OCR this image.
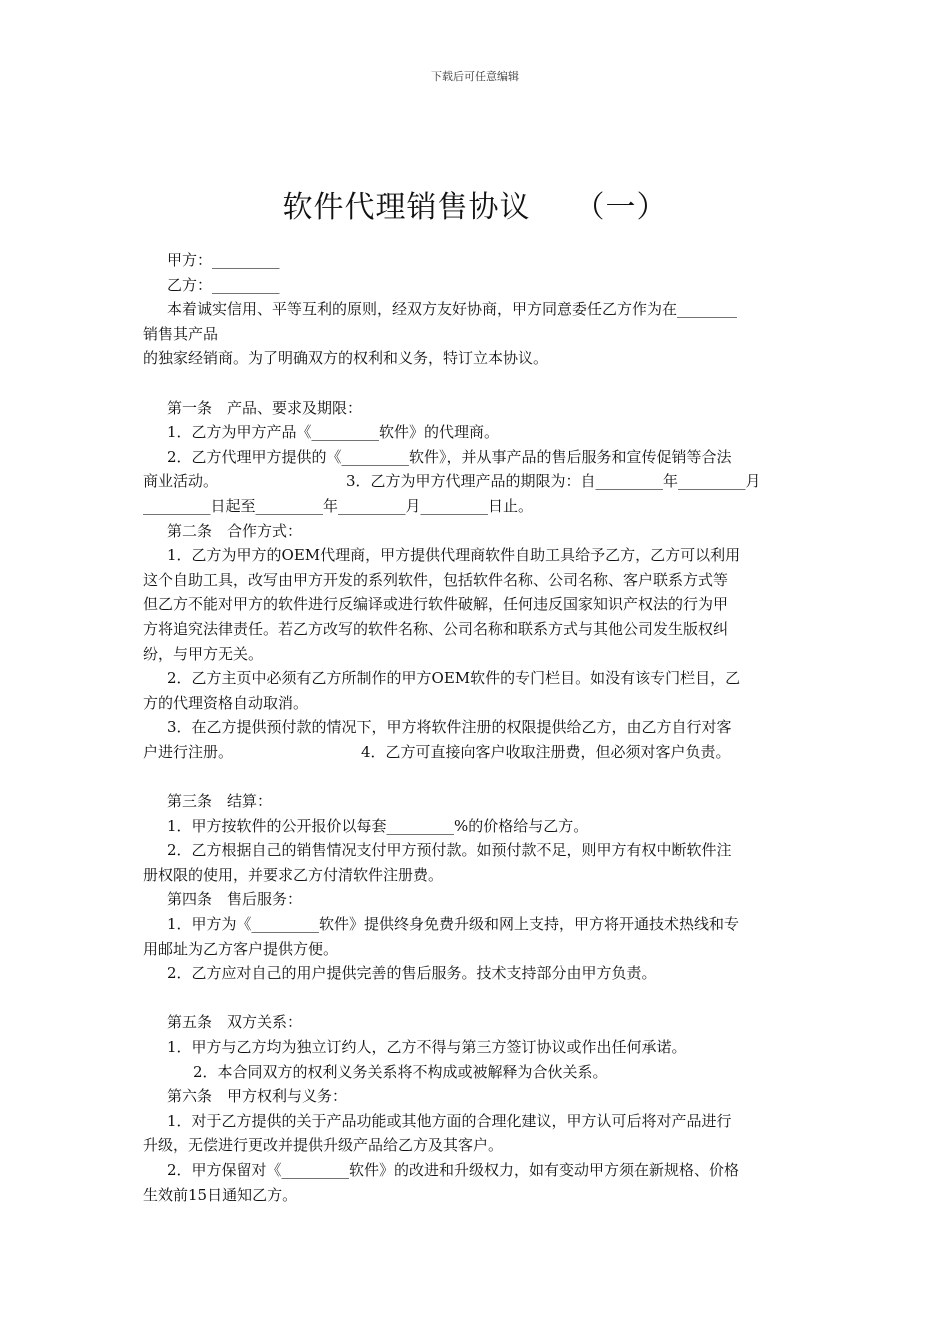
下载后可任意编辑
软件代理销售协议 （一）
甲方：_________
乙方：_________
本着诚实信用、平等互利的原则，经双方友好协商，甲方同意委任乙方作为在________
销售其产品
的独家经销商。为了明确双方的权利和义务，特订立本协议。
第一条　产品、要求及期限：
1．乙方为甲方产品《_________软件》的代理商。
2．乙方代理甲方提供的《_________软件》，并从事产品的售后服务和宣传促销等合法
商业活动。	3．乙方为甲方代理产品的期限为：自_________年_________月
_________日起至_________年_________月_________日止。
第二条　合作方式：
1．乙方为甲方的OEM代理商，甲方提供代理商软件自助工具给予乙方，乙方可以利用
这个自助工具，改写由甲方开发的系列软件，包括软件名称、公司名称、客户联系方式等
但乙方不能对甲方的软件进行反编译或进行软件破解，任何违反国家知识产权法的行为甲
方将追究法律责任。若乙方改写的软件名称、公司名称和联系方式与其他公司发生版权纠
纷，与甲方无关。
2．乙方主页中必须有乙方所制作的甲方OEM软件的专门栏目。如没有该专门栏目，乙
方的代理资格自动取消。
3．在乙方提供预付款的情况下，甲方将软件注册的权限提供给乙方，由乙方自行对客
户进行注册。	4．乙方可直接向客户收取注册费，但必须对客户负责。
第三条　结算：
1．甲方按软件的公开报价以每套_________%的价格给与乙方。
2．乙方根据自己的销售情况支付甲方预付款。如预付款不足，则甲方有权中断软件注
册权限的使用，并要求乙方付清软件注册费。
第四条　售后服务：
1．甲方为《_________软件》提供终身免费升级和网上支持，甲方将开通技术热线和专
用邮址为乙方客户提供方便。
2．乙方应对自己的用户提供完善的售后服务。技术支持部分由甲方负责。
第五条　双方关系：
1．甲方与乙方均为独立订约人，乙方不得与第三方签订协议或作出任何承诺。
2．本合同双方的权利义务关系将不构成或被解释为合伙关系。
第六条　甲方权利与义务：
1．对于乙方提供的关于产品功能或其他方面的合理化建议，甲方认可后将对产品进行
升级，无偿进行更改并提供升级产品给乙方及其客户。
2．甲方保留对《_________软件》的改进和升级权力，如有变动甲方须在新规格、价格
生效前15日通知乙方。
